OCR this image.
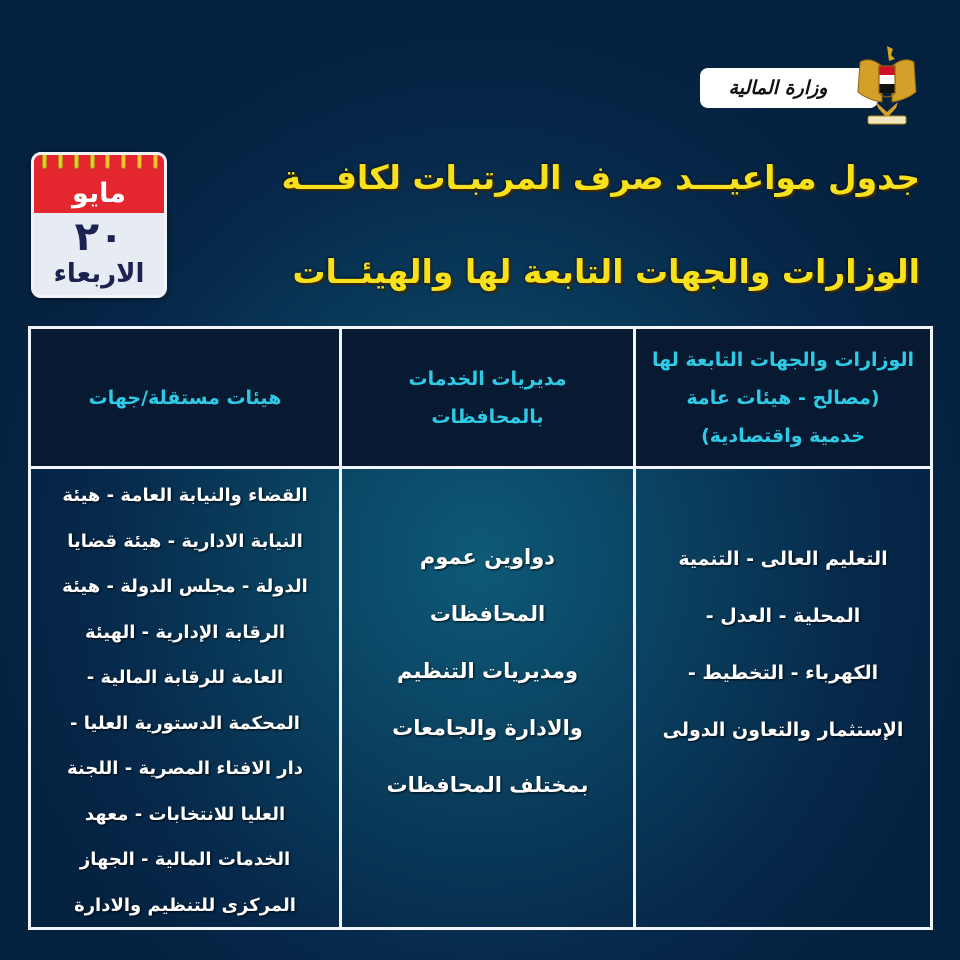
وزارة المالية
مايو
٢٠
الاربعاء
جدول مواعيـــد صرف المرتبـات لكافـــة
الوزارات والجهات التابعة لها والهيئــات
هيئات مستقلة/جهات
مديريات الخدمات
بالمحافظات
الوزارات والجهات التابعة لها
(مصالح - هيئات عامة
خدمية واقتصادية)
القضاء والنيابة العامة - هيئة
النيابة الادارية - هيئة قضايا
الدولة - مجلس الدولة - هيئة
الرقابة الإدارية - الهيئة
العامة للرقابة المالية -
المحكمة الدستورية العليا -
دار الافتاء المصرية - اللجنة
العليا للانتخابات - معهد
الخدمات المالية - الجهاز
المركزى للتنظيم والادارة
دواوين عموم
المحافظات
ومديريات التنظيم
والادارة والجامعات
بمختلف المحافظات
التعليم العالى - التنمية
المحلية - العدل -
الكهرباء - التخطيط -
الإستثمار والتعاون الدولى
